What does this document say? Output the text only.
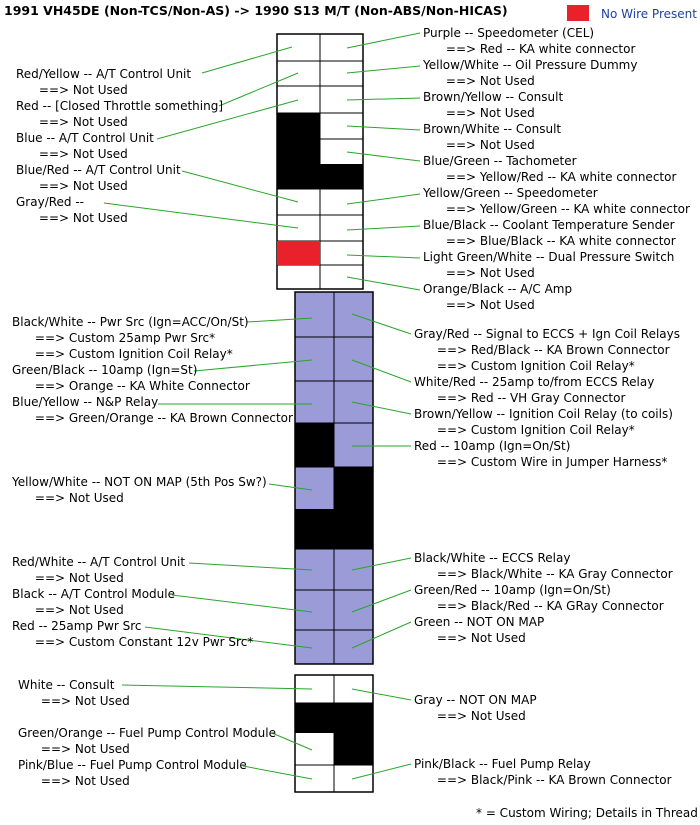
1991 VH45DE (Non-TCS/Non-AS) -> 1990 S13 M/T (Non-ABS/Non-HICAS)	No Wire Present
Red/Yellow -- A/T Control Unit
==> Not Used
Red -- [Closed Throttle something]
==> Not Used
Blue -- A/T Control Unit
==> Not Used
Blue/Red -- A/T Control Unit
==> Not Used
Gray/Red --
==> Not Used
Purple -- Speedometer (CEL)
==> Red -- KA white connector
Yellow/White -- Oil Pressure Dummy
==> Not Used
Brown/Yellow -- Consult
==> Not Used
Brown/White -- Consult
==> Not Used
Blue/Green -- Tachometer
==> Yellow/Red -- KA white connector
Yellow/Green -- Speedometer
==> Yellow/Green -- KA white connector
Blue/Black -- Coolant Temperature Sender
==> Blue/Black -- KA white connector
Light Green/White -- Dual Pressure Switch
==> Not Used
Orange/Black -- A/C Amp
==> Not Used
Black/White -- Pwr Src (Ign=ACC/On/St)
==> Custom 25amp Pwr Src*
==> Custom Ignition Coil Relay*
Green/Black -- 10amp (Ign=St)
==> Orange -- KA White Connector
Blue/Yellow -- N&P Relay
==> Green/Orange -- KA Brown Connector
Yellow/White -- NOT ON MAP (5th Pos Sw?)
==> Not Used
Red/White -- A/T Control Unit
==> Not Used
Black -- A/T Control Module
==> Not Used
Red -- 25amp Pwr Src
==> Custom Constant 12v Pwr Src*
Gray/Red -- Signal to ECCS + Ign Coil Relays
==> Red/Black -- KA Brown Connector
==> Custom Ignition Coil Relay*
White/Red -- 25amp to/from ECCS Relay
==> Red -- VH Gray Connector
Brown/Yellow -- Ignition Coil Relay (to coils)
==> Custom Ignition Coil Relay*
Red -- 10amp (Ign=On/St)
==> Custom Wire in Jumper Harness*
Black/White -- ECCS Relay
==> Black/White -- KA Gray Connector
Green/Red -- 10amp (Ign=On/St)
==> Black/Red -- KA GRay Connector
Green -- NOT ON MAP
==> Not Used
White -- Consult
==> Not Used
Green/Orange -- Fuel Pump Control Module
==> Not Used
Pink/Blue -- Fuel Pump Control Module
==> Not Used
Gray -- NOT ON MAP
==> Not Used
Pink/Black -- Fuel Pump Relay
==> Black/Pink -- KA Brown Connector
* = Custom Wiring; Details in Thread
